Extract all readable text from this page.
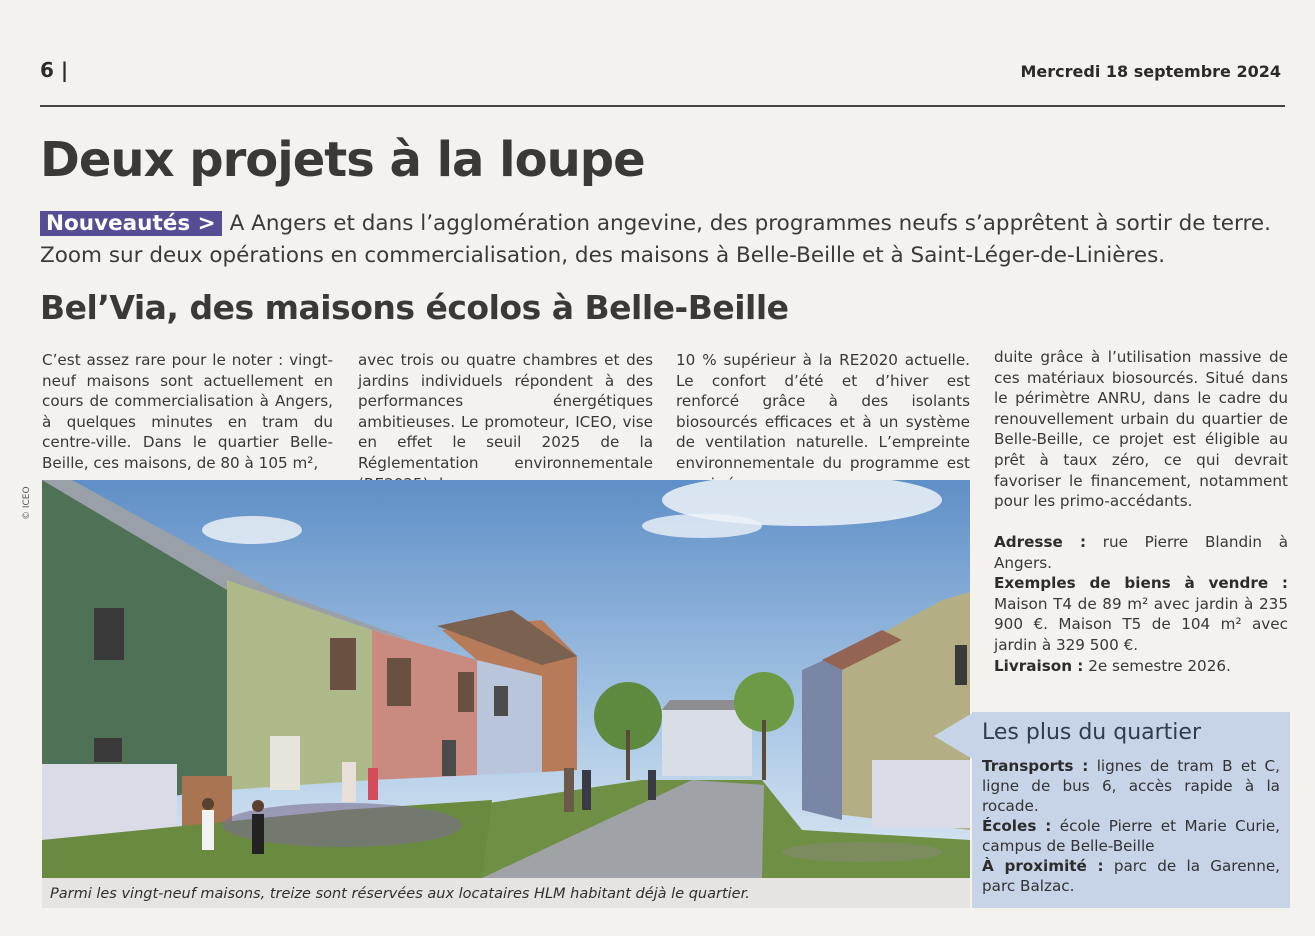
6 |	Mercredi 18 septembre 2024
Deux projets à la loupe
Nouveautés > A Angers et dans l’agglomération angevine, des programmes neufs s’apprêtent à sortir de terre. Zoom sur deux opérations en commercialisation, des maisons à Belle-Beille et à Saint-Léger-de-Linières.
Bel’Via, des maisons écolos à Belle-Beille
C’est assez rare pour le noter : vingt-neuf maisons sont actuellement en cours de commercialisation à Angers, à quelques minutes en tram du centre-ville. Dans le quartier Belle-Beille, ces maisons, de 80 à 105 m²,
avec trois ou quatre chambres et des jardins individuels répondent à des performances énergétiques ambitieuses. Le promoteur, ICEO, vise en effet le seuil 2025 de la Réglementation environnementale
10 % supérieur à la RE2020 actuelle. Le confort d’été et d’hiver est renforcé grâce à des isolants biosourcés efficaces et à un système de ventilation naturelle. L’empreinte environnementale du programme est
duite grâce à l’utilisation massive de ces matériaux biosourcés. Situé dans le périmètre ANRU, dans le cadre du renouvellement urbain du quartier de Belle-Beille, ce projet est éligible au prêt à taux zéro, ce qui devrait favoriser le financement, notamment pour les primo-accédants.

Adresse : rue Pierre Blandin à Angers.

Exemples de biens à vendre : Maison T4 de 89 m² avec jardin à 235 900 €. Maison T5 de 104 m² avec jardin à 329 500 €.

Livraison : 2e semestre 2026.

© ICEO
Parmi les vingt-neuf maisons, treize sont réservées aux locataires HLM habitant déjà le quartier.
Les plus du quartier

Transports : lignes de tram B et C, ligne de bus 6, accès rapide à la rocade.

Écoles : école Pierre et Marie Curie, campus de Belle-Beille

À proximité : parc de la Garenne, parc Balzac.
